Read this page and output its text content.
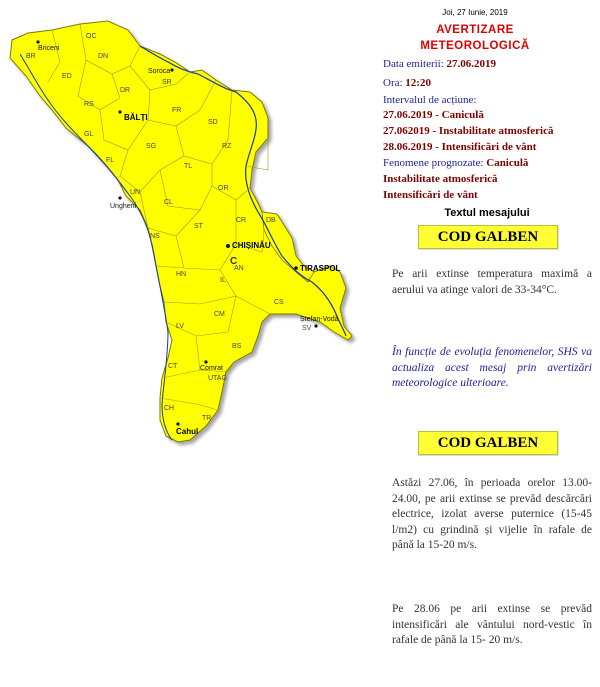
OC
DN
BR
ED
DR
SR
RS
FR
SD
GL
SG	RZ
FL
TL
UN
OR
CL
CR	DB
ST
NS
HN
AN
IL
CS
CM
LV
BS
UTAG
CT
CH
TR
SV
C
Briceni
Soroca
BĂLȚI
Ungheni
CHIȘINĂU
TIRASPOL
Ștefan-Vodă
Comrat
Cahul
Joi, 27 Iunie, 2019
AVERTIZARE
METEOROLOGICĂ
Data emiterii: 27.06.2019
Ora: 12:20
Intervalul de acțiune:
27.06.2019 - Caniculă
27.062019 - Instabilitate atmosferică
28.06.2019 - Intensificări de vânt
Fenomene prognozate: Caniculă
Instabilitate atmosferică
Intensificări de vânt
Textul mesajului
COD GALBEN
Pe arii extinse temperatura maximă a aerului va atinge valori de 33-34°C.
În funcție de evoluția fenomenelor, SHS va actualiza acest mesaj prin avertizări meteorologice ulterioare.
COD GALBEN
Astăzi 27.06, în perioada orelor 13.00-24.00, pe arii extinse se prevăd descărcări electrice, izolat averse puternice (15-45 l/m2) cu grindină și vijelie în rafale de până la 15-20 m/s.
Pe 28.06 pe arii extinse se prevăd intensificări ale vântului nord-vestic în rafale de până la 15- 20 m/s.
